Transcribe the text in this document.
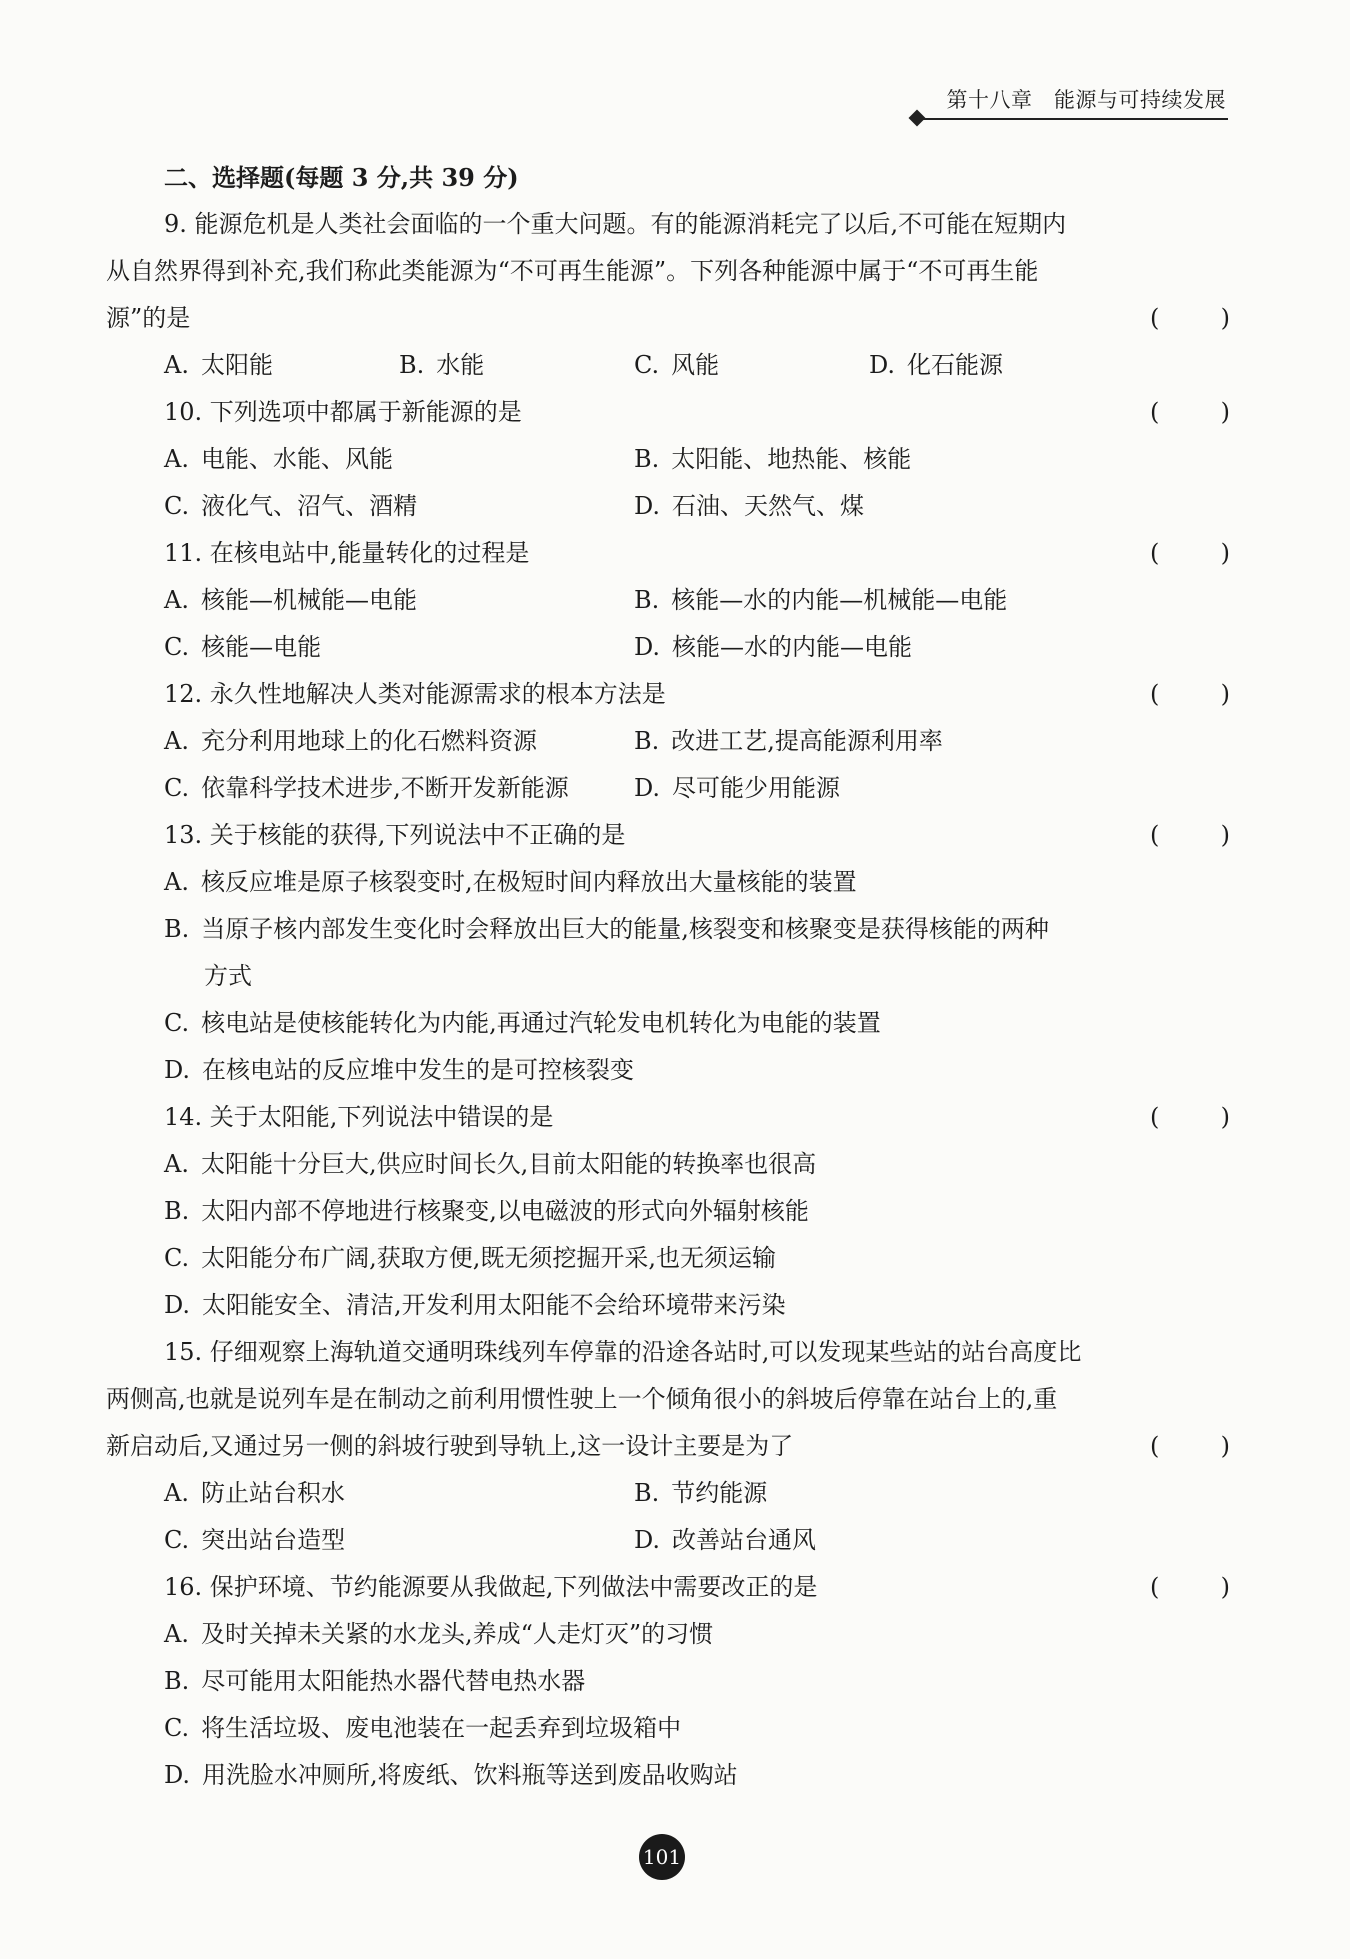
第十八章　能源与可持续发展
二、选择题(每题 3 分,共 39 分)
9. 能源危机是人类社会面临的一个重大问题。有的能源消耗完了以后,不可能在短期内
从自然界得到补充,我们称此类能源为“不可再生能源”。下列各种能源中属于“不可再生能
源”的是	(	)
A. 太阳能	B. 水能	C. 风能	D. 化石能源
10. 下列选项中都属于新能源的是	(	)
A. 电能、水能、风能	B. 太阳能、地热能、核能
C. 液化气、沼气、酒精	D. 石油、天然气、煤
11. 在核电站中,能量转化的过程是	(	)
A. 核能—机械能—电能	B. 核能—水的内能—机械能—电能
C. 核能—电能	D. 核能—水的内能—电能
12. 永久性地解决人类对能源需求的根本方法是	(	)
A. 充分利用地球上的化石燃料资源	B. 改进工艺,提高能源利用率
C. 依靠科学技术进步,不断开发新能源	D. 尽可能少用能源
13. 关于核能的获得,下列说法中不正确的是	(	)
A. 核反应堆是原子核裂变时,在极短时间内释放出大量核能的装置
B. 当原子核内部发生变化时会释放出巨大的能量,核裂变和核聚变是获得核能的两种
方式
C. 核电站是使核能转化为内能,再通过汽轮发电机转化为电能的装置
D. 在核电站的反应堆中发生的是可控核裂变
14. 关于太阳能,下列说法中错误的是	(	)
A. 太阳能十分巨大,供应时间长久,目前太阳能的转换率也很高
B. 太阳内部不停地进行核聚变,以电磁波的形式向外辐射核能
C. 太阳能分布广阔,获取方便,既无须挖掘开采,也无须运输
D. 太阳能安全、清洁,开发利用太阳能不会给环境带来污染
15. 仔细观察上海轨道交通明珠线列车停靠的沿途各站时,可以发现某些站的站台高度比
两侧高,也就是说列车是在制动之前利用惯性驶上一个倾角很小的斜坡后停靠在站台上的,重
新启动后,又通过另一侧的斜坡行驶到导轨上,这一设计主要是为了	(	)
A. 防止站台积水	B. 节约能源
C. 突出站台造型	D. 改善站台通风
16. 保护环境、节约能源要从我做起,下列做法中需要改正的是	(	)
A. 及时关掉未关紧的水龙头,养成“人走灯灭”的习惯
B. 尽可能用太阳能热水器代替电热水器
C. 将生活垃圾、废电池装在一起丢弃到垃圾箱中
D. 用洗脸水冲厕所,将废纸、饮料瓶等送到废品收购站
101
